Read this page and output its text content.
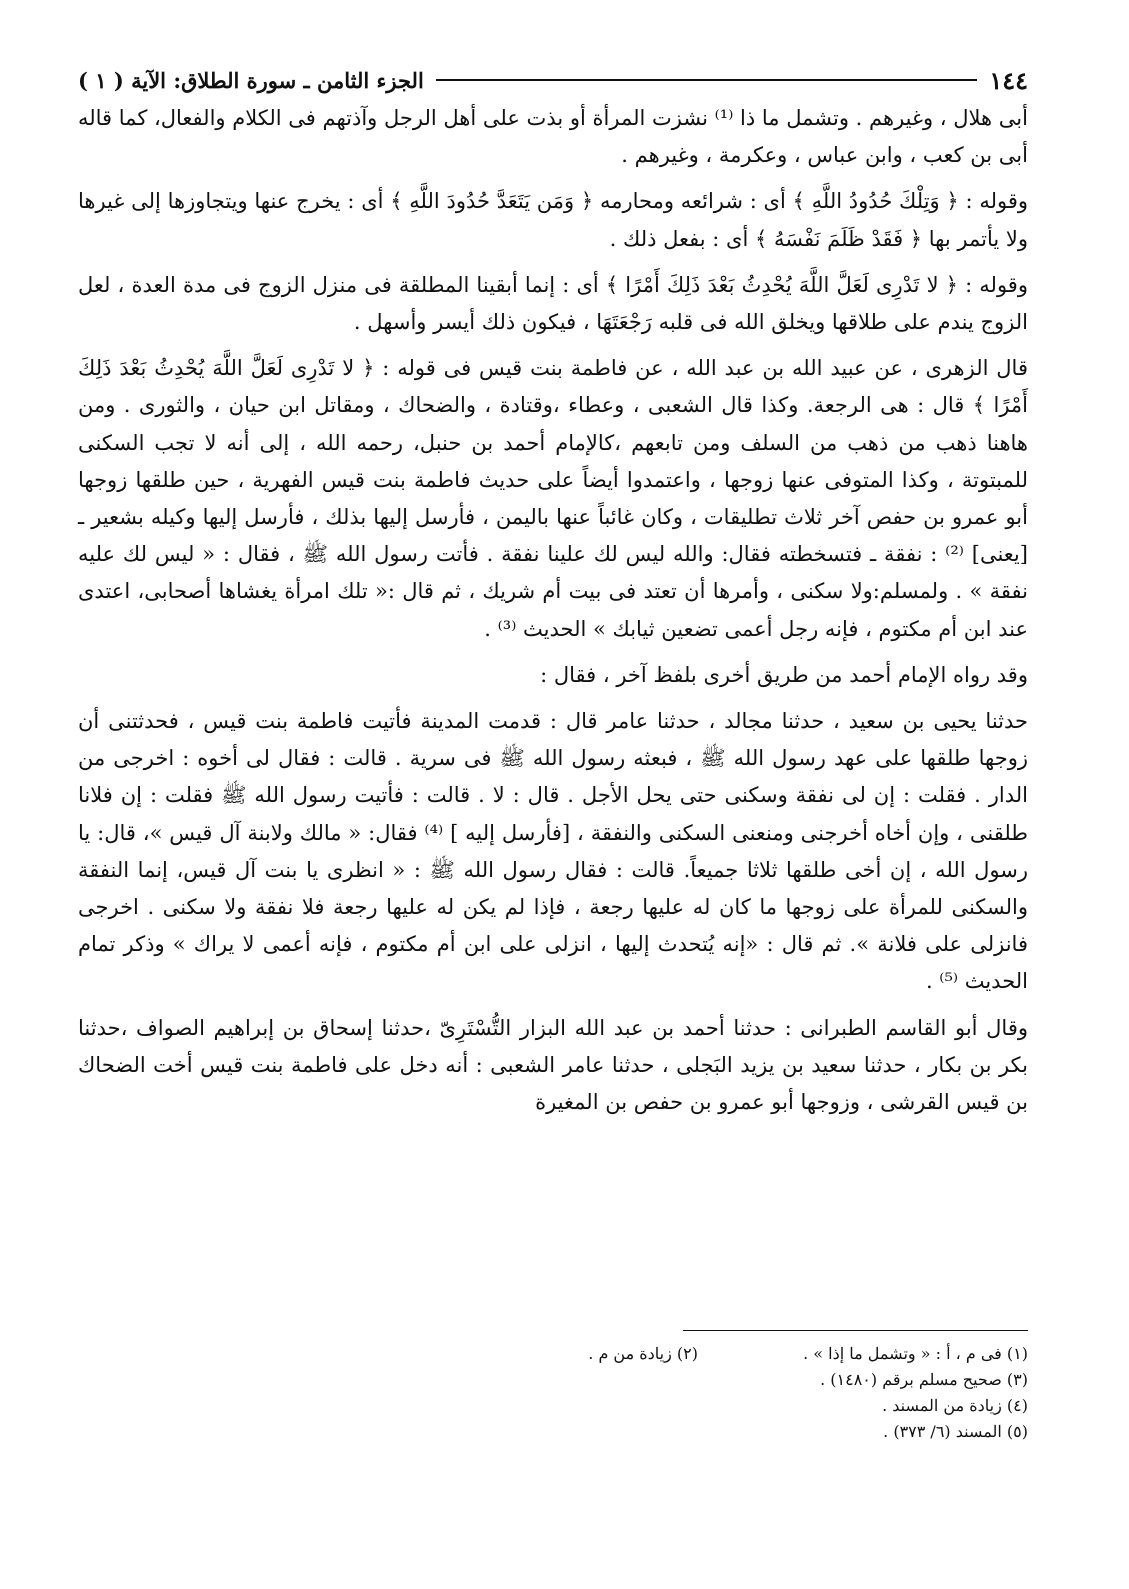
١٤٤
الجزء الثامن ـ سورة الطلاق: الآية ( ١ )

أبى هلال ، وغيرهم . وتشمل ما ذا ⁽¹⁾ نشزت المرأة أو بذت على أهل الرجل وآذتهم فى الكلام والفعال، كما قاله أبى بن كعب ، وابن عباس ، وعكرمة ، وغيرهم .

وقوله : ﴿ وَتِلْكَ حُدُودُ اللَّهِ ﴾ أى : شرائعه ومحارمه ﴿ وَمَن يَتَعَدَّ حُدُودَ اللَّهِ ﴾ أى : يخرج عنها ويتجاوزها إلى غيرها ولا يأتمر بها ﴿ فَقَدْ ظَلَمَ نَفْسَهُ ﴾ أى : بفعل ذلك .

وقوله : ﴿ لا تَدْرِى لَعَلَّ اللَّهَ يُحْدِثُ بَعْدَ ذَلِكَ أَمْرًا ﴾ أى : إنما أبقينا المطلقة فى منزل الزوج فى مدة العدة ، لعل الزوج يندم على طلاقها ويخلق الله فى قلبه رَجْعَتَهَا ، فيكون ذلك أيسر وأسهل .

قال الزهرى ، عن عبيد الله بن عبد الله ، عن فاطمة بنت قيس فى قوله : ﴿ لا تَدْرِى لَعَلَّ اللَّهَ يُحْدِثُ بَعْدَ ذَلِكَ أَمْرًا ﴾ قال : هى الرجعة. وكذا قال الشعبى ، وعطاء ،وقتادة ، والضحاك ، ومقاتل ابن حيان ، والثورى . ومن هاهنا ذهب من ذهب من السلف ومن تابعهم ،كالإمام أحمد بن حنبل، رحمه الله ، إلى أنه لا تجب السكنى للمبتوتة ، وكذا المتوفى عنها زوجها ، واعتمدوا أيضاً على حديث فاطمة بنت قيس الفهرية ، حين طلقها زوجها أبو عمرو بن حفص آخر ثلاث تطليقات ، وكان غائباً عنها باليمن ، فأرسل إليها بذلك ، فأرسل إليها وكيله بشعير ـ [يعنى] ⁽²⁾ : نفقة ـ فتسخطته فقال: والله ليس لك علينا نفقة . فأتت رسول الله ﷺ ، فقال : « ليس لك عليه نفقة » . ولمسلم:ولا سكنى ، وأمرها أن تعتد فى بيت أم شريك ، ثم قال :« تلك امرأة يغشاها أصحابى، اعتدى عند ابن أم مكتوم ، فإنه رجل أعمى تضعين ثيابك » الحديث ⁽³⁾ .

وقد رواه الإمام أحمد من طريق أخرى بلفظ آخر ، فقال :

حدثنا يحيى بن سعيد ، حدثنا مجالد ، حدثنا عامر قال : قدمت المدينة فأتيت فاطمة بنت قيس ، فحدثتنى أن زوجها طلقها على عهد رسول الله ﷺ ، فبعثه رسول الله ﷺ فى سرية . قالت : فقال لى أخوه : اخرجى من الدار . فقلت : إن لى نفقة وسكنى حتى يحل الأجل . قال : لا . قالت : فأتيت رسول الله ﷺ فقلت : إن فلانا طلقنى ، وإن أخاه أخرجنى ومنعنى السكنى والنفقة ، [فأرسل إليه ] ⁽⁴⁾ فقال: « مالك ولابنة آل قيس »، قال: يا رسول الله ، إن أخى طلقها ثلاثا جميعاً. قالت : فقال رسول الله ﷺ : « انظرى يا بنت آل قيس، إنما النفقة والسكنى للمرأة على زوجها ما كان له عليها رجعة ، فإذا لم يكن له عليها رجعة فلا نفقة ولا سكنى . اخرجى فانزلى على فلانة ». ثم قال : «إنه يُتحدث إليها ، انزلى على ابن أم مكتوم ، فإنه أعمى لا يراك » وذكر تمام الحديث ⁽⁵⁾ .

وقال أبو القاسم الطبرانى : حدثنا أحمد بن عبد الله البزار التُّسْتَرِىّ ،حدثنا إسحاق بن إبراهيم الصواف ،حدثنا بكر بن بكار ، حدثنا سعيد بن يزيد البَجلى ، حدثنا عامر الشعبى : أنه دخل على فاطمة بنت قيس أخت الضحاك بن قيس القرشى ، وزوجها أبو عمرو بن حفص بن المغيرة

(١) فى م ، أ : « وتشمل ما إذا » .
(٢) زيادة من م .
(٣) صحيح مسلم برقم (١٤٨٠) .
(٤) زيادة من المسند .
(٥) المسند (٦/ ٣٧٣) .
